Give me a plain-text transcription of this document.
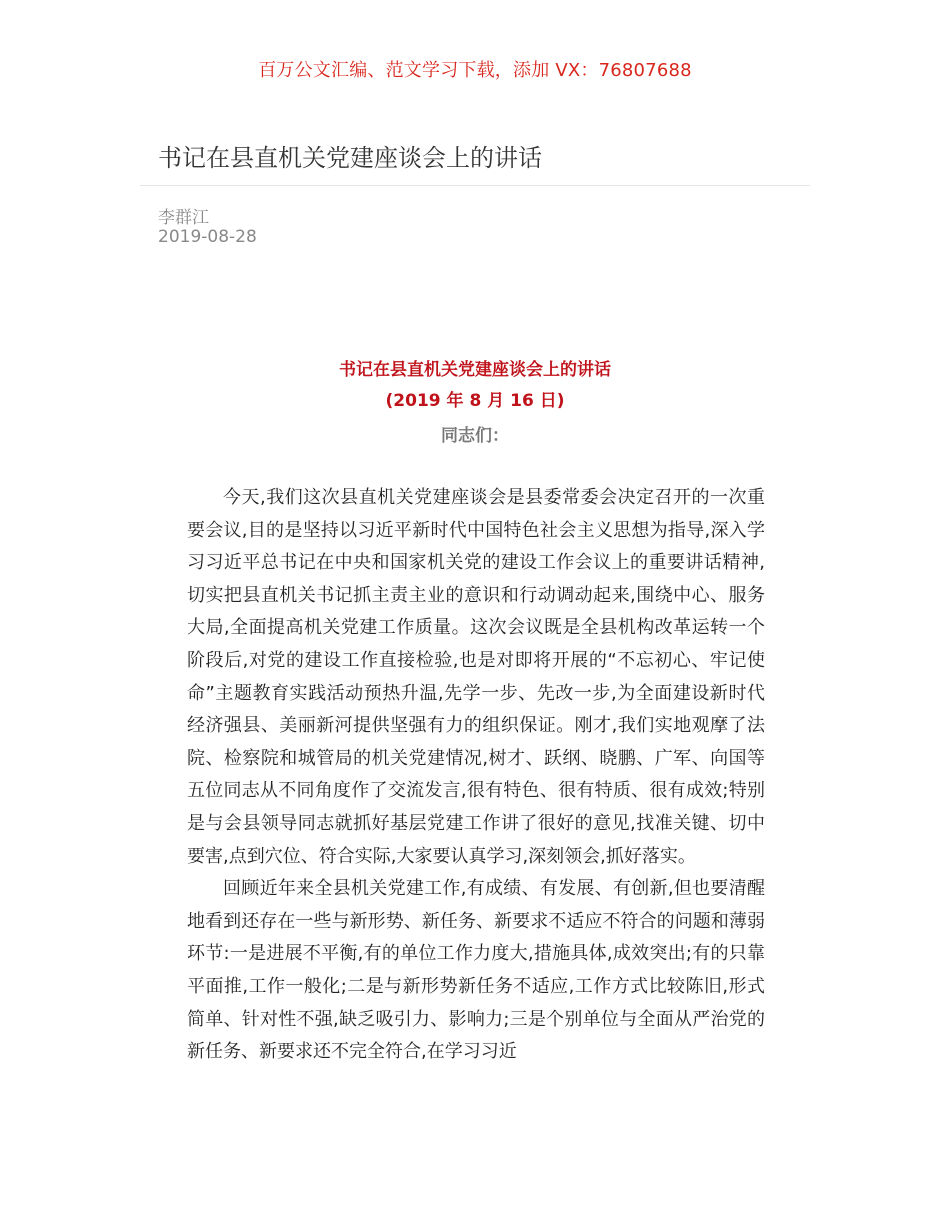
百万公文汇编、范文学习下载，添加 VX：76807688
书记在县直机关党建座谈会上的讲话
李群江
2019-08-28
书记在县直机关党建座谈会上的讲话
(2019 年 8 月 16 日)
同志们：

今天,我们这次县直机关党建座谈会是县委常委会决定召开的一次重要会议,目的是坚持以习近平新时代中国特色社会主义思想为指导,深入学习习近平总书记在中央和国家机关党的建设工作会议上的重要讲话精神,切实把县直机关书记抓主责主业的意识和行动调动起来,围绕中心、服务大局,全面提高机关党建工作质量。这次会议既是全县机构改革运转一个阶段后,对党的建设工作直接检验,也是对即将开展的“不忘初心、牢记使命”主题教育实践活动预热升温,先学一步、先改一步,为全面建设新时代经济强县、美丽新河提供坚强有力的组织保证。刚才,我们实地观摩了法院、检察院和城管局的机关党建情况,树才、跃纲、晓鹏、广军、向国等五位同志从不同角度作了交流发言,很有特色、很有特质、很有成效;特别是与会县领导同志就抓好基层党建工作讲了很好的意见,找准关键、切中要害,点到穴位、符合实际,大家要认真学习,深刻领会,抓好落实。

回顾近年来全县机关党建工作,有成绩、有发展、有创新,但也要清醒地看到还存在一些与新形势、新任务、新要求不适应不符合的问题和薄弱环节:一是进展不平衡,有的单位工作力度大,措施具体,成效突出;有的只靠平面推,工作一般化;二是与新形势新任务不适应,工作方式比较陈旧,形式简单、针对性不强,缺乏吸引力、影响力;三是个别单位与全面从严治党的新任务、新要求还不完全符合,在学习习近
